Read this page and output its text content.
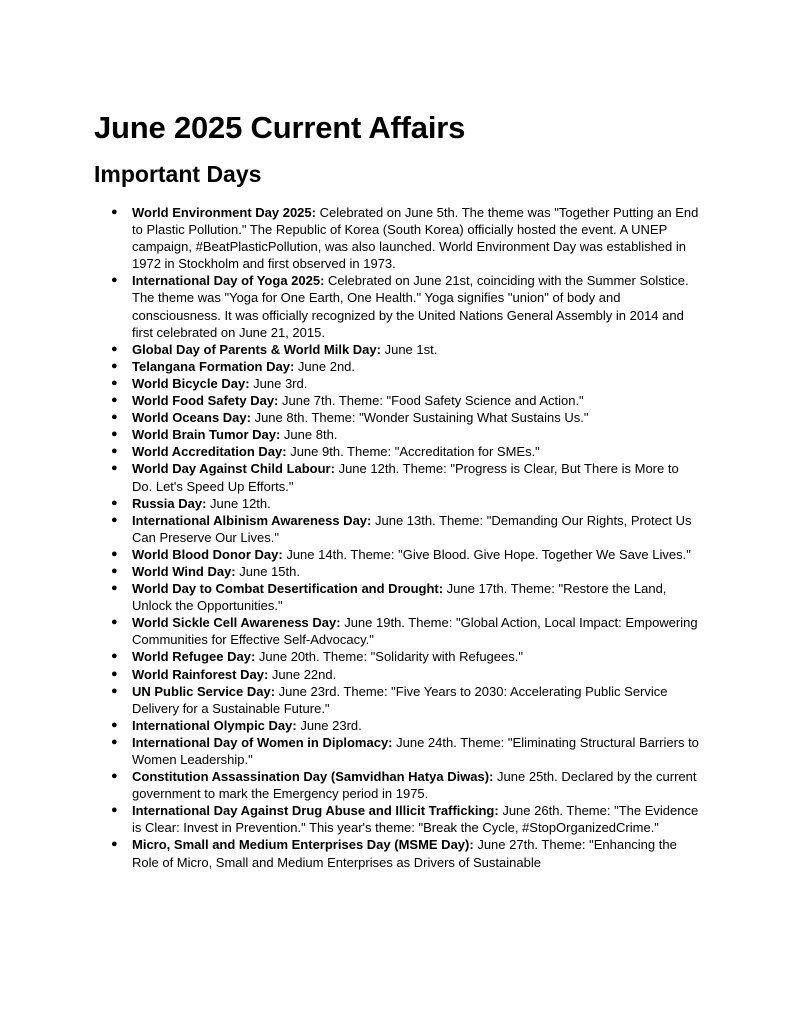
June 2025 Current Affairs
Important Days
● World Environment Day 2025: Celebrated on June 5th. The theme was "Together Putting an End to Plastic Pollution." The Republic of Korea (South Korea) officially hosted the event. A UNEP campaign, #BeatPlasticPollution, was also launched. World Environment Day was established in 1972 in Stockholm and first observed in 1973.
● International Day of Yoga 2025: Celebrated on June 21st, coinciding with the Summer Solstice. The theme was "Yoga for One Earth, One Health." Yoga signifies "union" of body and consciousness. It was officially recognized by the United Nations General Assembly in 2014 and first celebrated on June 21, 2015.
● Global Day of Parents & World Milk Day: June 1st.
● Telangana Formation Day: June 2nd.
● World Bicycle Day: June 3rd.
● World Food Safety Day: June 7th. Theme: "Food Safety Science and Action."
● World Oceans Day: June 8th. Theme: "Wonder Sustaining What Sustains Us."
● World Brain Tumor Day: June 8th.
● World Accreditation Day: June 9th. Theme: "Accreditation for SMEs."
● World Day Against Child Labour: June 12th. Theme: "Progress is Clear, But There is More to Do. Let's Speed Up Efforts."
● Russia Day: June 12th.
● International Albinism Awareness Day: June 13th. Theme: "Demanding Our Rights, Protect Us Can Preserve Our Lives."
● World Blood Donor Day: June 14th. Theme: "Give Blood. Give Hope. Together We Save Lives."
● World Wind Day: June 15th.
● World Day to Combat Desertification and Drought: June 17th. Theme: "Restore the Land, Unlock the Opportunities."
● World Sickle Cell Awareness Day: June 19th. Theme: "Global Action, Local Impact: Empowering Communities for Effective Self-Advocacy."
● World Refugee Day: June 20th. Theme: "Solidarity with Refugees."
● World Rainforest Day: June 22nd.
● UN Public Service Day: June 23rd. Theme: "Five Years to 2030: Accelerating Public Service Delivery for a Sustainable Future."
● International Olympic Day: June 23rd.
● International Day of Women in Diplomacy: June 24th. Theme: "Eliminating Structural Barriers to Women Leadership."
● Constitution Assassination Day (Samvidhan Hatya Diwas): June 25th. Declared by the current government to mark the Emergency period in 1975.
● International Day Against Drug Abuse and Illicit Trafficking: June 26th. Theme: "The Evidence is Clear: Invest in Prevention." This year's theme: "Break the Cycle, #StopOrganizedCrime."
● Micro, Small and Medium Enterprises Day (MSME Day): June 27th. Theme: "Enhancing the Role of Micro, Small and Medium Enterprises as Drivers of Sustainable
